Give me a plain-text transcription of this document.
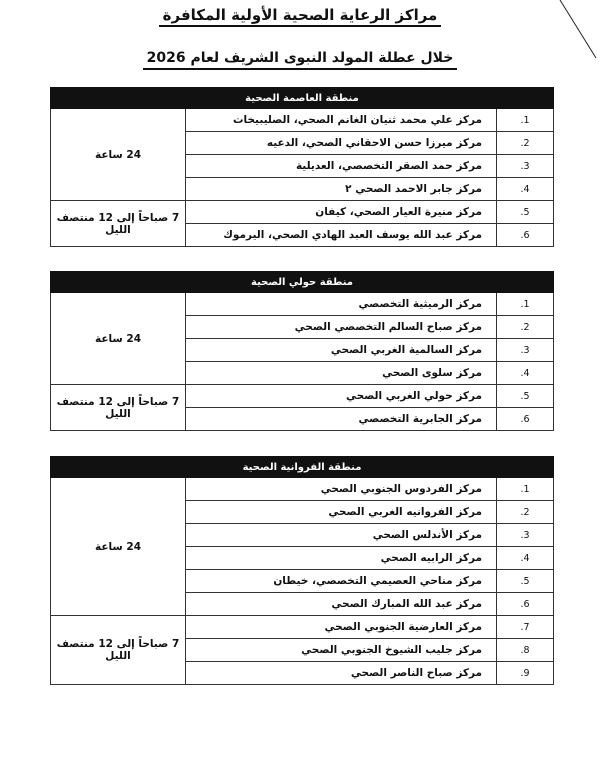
مراكز الرعاية الصحية الأولية المكافرة
خلال عطلة المولد النبوى الشريف لعام 2026
منطقة العاصمة الصحية		
1.	مركز علي محمد ثنيان الغانم الصحي، الصليبيخات	24 ساعة
2.	مركز ميرزا حسن الاحقاني الصحي، الدعيه	
3.	مركز حمد الصقر التخصصي، العديلية	
4.	مركز جابر الاحمد الصحي ٢	
5.	مركز منيرة العيار الصحي، كيفان	7 صباحاً إلى 12 منتصف الليل
6.	مركز عبد الله يوسف العبد الهادي الصحي، اليرموك	
منطقة حولي الصحية		
1.	مركز الرميثية التخصصي	24 ساعة
2.	مركز صباح السالم التخصصي الصحي	
3.	مركز السالمية الغربي الصحي	
4.	مركز سلوى الصحي	
5.	مركز حولي الغربي الصحي	7 صباحاً إلى 12 منتصف الليل
6.	مركز الجابرية التخصصي	
منطقة الفروانية الصحية		
1.	مركز الفردوس الجنوبي الصحي	24 ساعة
2.	مركز الفروانيه الغربي الصحي	
3.	مركز الأندلس الصحي	
4.	مركز الرابيه الصحي	
5.	مركز مناحي العصيمي التخصصي، خيطان	
6.	مركز عبد الله المبارك الصحي	
7.	مركز العارضية الجنوبي الصحي	7 صباحاً إلى 12 منتصف الليل
8.	مركز جليب الشيوخ الجنوبي الصحي	
9.	مركز صباح الناصر الصحي	
